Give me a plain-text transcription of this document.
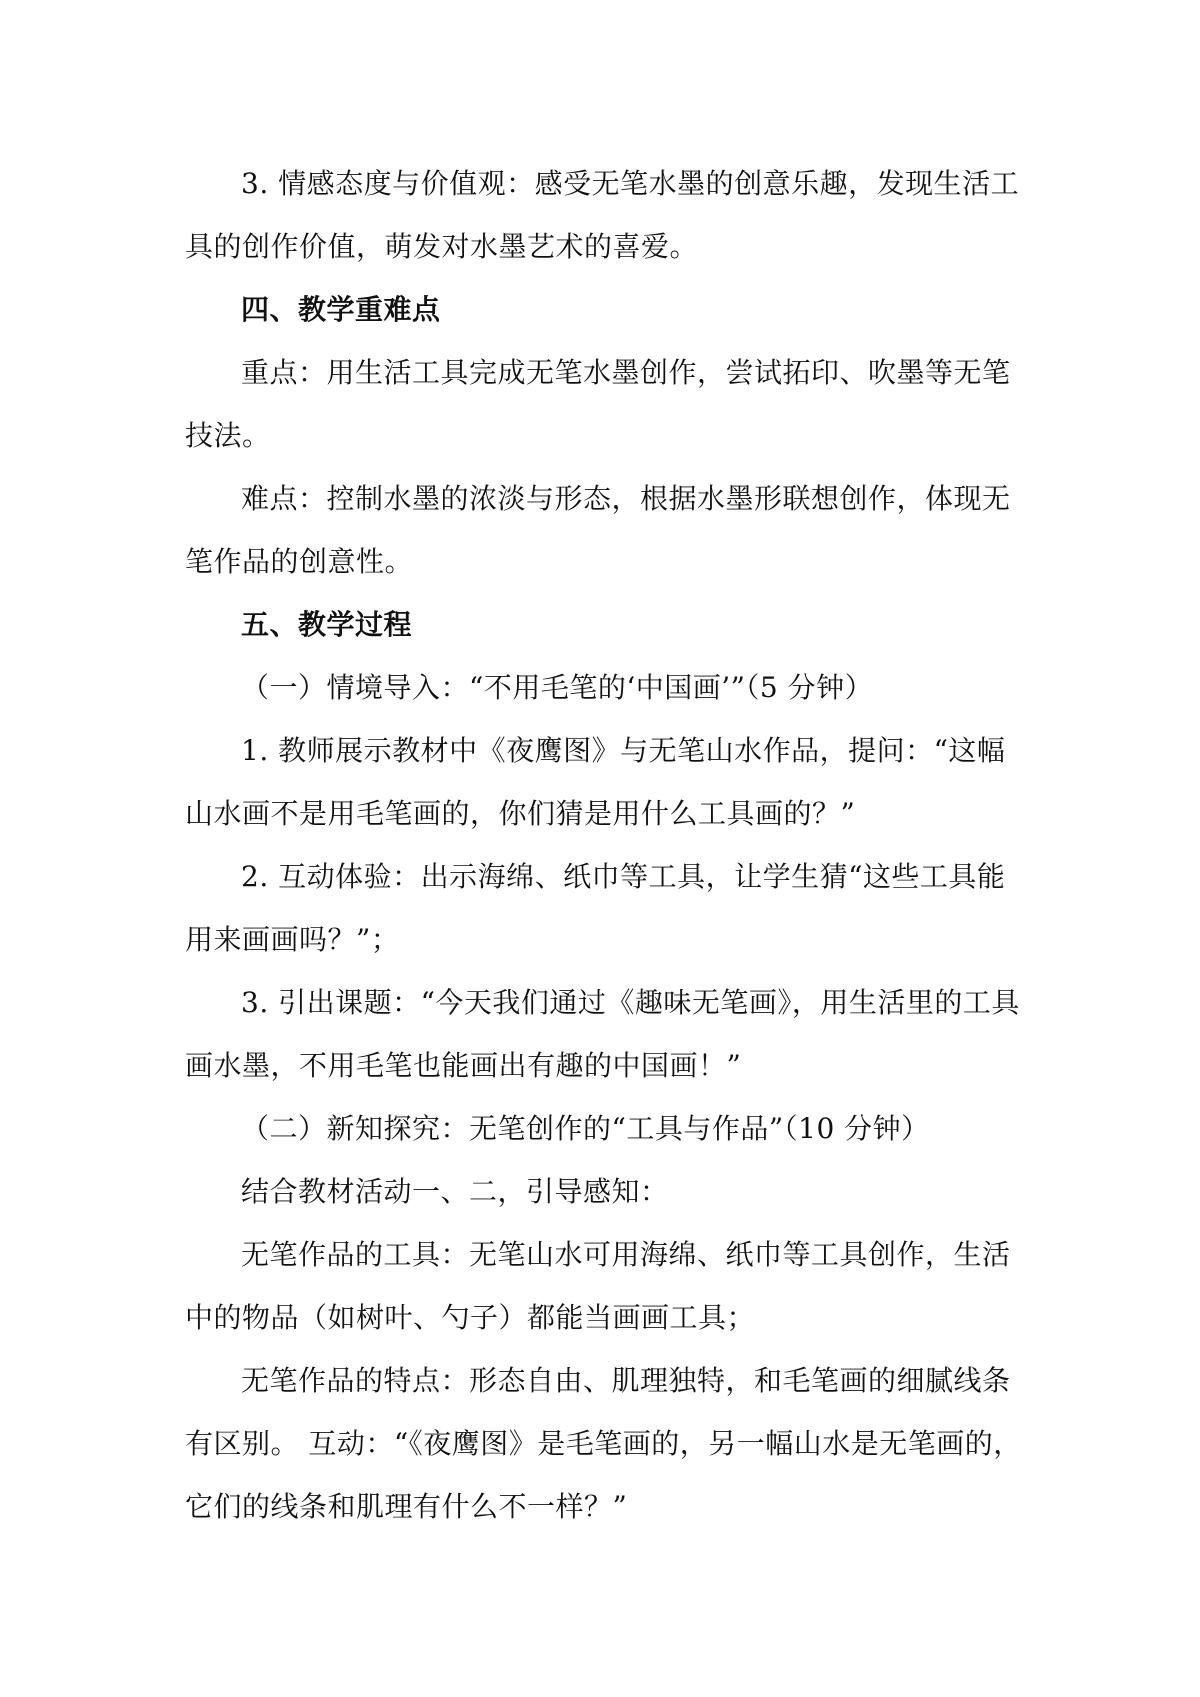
3. 情感态度与价值观：感受无笔水墨的创意乐趣，发现生活工具的创作价值，萌发对水墨艺术的喜爱。

四、教学重难点

重点：用生活工具完成无笔水墨创作，尝试拓印、吹墨等无笔技法。

难点：控制水墨的浓淡与形态，根据水墨形联想创作，体现无笔作品的创意性。

五、教学过程

（一）情境导入：“不用毛笔的‘中国画’”（5 分钟）

1. 教师展示教材中《夜鹰图》与无笔山水作品，提问：“这幅山水画不是用毛笔画的，你们猜是用什么工具画的？”

2. 互动体验：出示海绵、纸巾等工具，让学生猜“这些工具能用来画画吗？”；

3. 引出课题：“今天我们通过《趣味无笔画》，用生活里的工具画水墨，不用毛笔也能画出有趣的中国画！”

（二）新知探究：无笔创作的“工具与作品”（10 分钟）

结合教材活动一、二，引导感知：

无笔作品的工具：无笔山水可用海绵、纸巾等工具创作，生活中的物品（如树叶、勺子）都能当画画工具；

无笔作品的特点：形态自由、肌理独特，和毛笔画的细腻线条有区别。 互动：“《夜鹰图》是毛笔画的，另一幅山水是无笔画的，它们的线条和肌理有什么不一样？”
